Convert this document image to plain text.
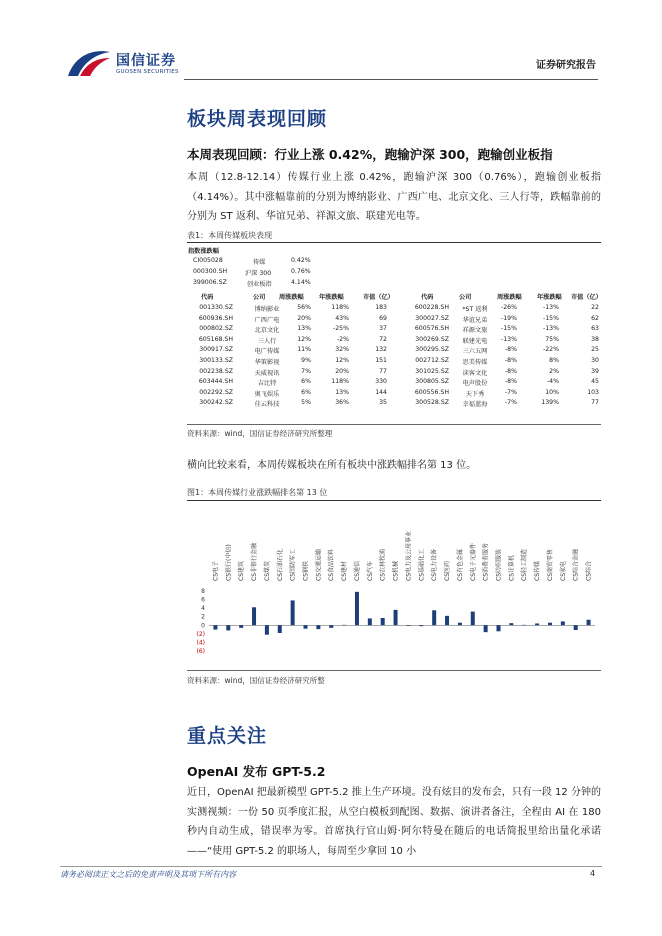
国信证券
GUOSEN SECURITIES
证券研究报告
板块周表现回顾
本周表现回顾：行业上涨 0.42%，跑输沪深 300，跑输创业板指
本周（12.8-12.14）传媒行业上涨 0.42%，跑输沪深 300（0.76%），跑输创业板指（4.14%）。其中涨幅靠前的分别为博纳影业、广西广电、北京文化、三人行等，跌幅靠前的分别为 ST 返利、华谊兄弟、祥源文旅、联建光电等。
表1：本周传媒板块表现
指数涨跌幅
CI005028	传媒	0.42%
000300.SH	沪深 300	0.76%
399006.SZ	创业板指	4.14%
代码	公司 周涨跌幅 年涨跌幅	市值（亿）	代码	公司	周涨跌幅 年涨跌幅 市值（亿）
001330.SZ	博纳影业	56%	118%	183	600228.SH	*ST 返利	-26%	-13%	22
600936.SH	广西广电	20%	43%	69	300027.SZ	华谊兄弟	-19%	-15%	62
000802.SZ	北京文化	13%	-25%	37	600576.SH	祥源文旅	-15%	-13%	63
605168.SH	三人行	12%	-2%	72	300269.SZ	联建光电	-13%	75%	38
300917.SZ	电广传媒	11%	32%	132	300295.SZ	三六五网	-8%	-22%	25
300133.SZ	华策影视	9%	12%	151	002712.SZ	思美传媒	-8%	8%	30
002238.SZ	天威视讯	7%	20%	77	301025.SZ	读客文化	-8%	2%	39
603444.SH	吉比特	6%	118%	330	300805.SZ	电声股份	-8%	-4%	45
002292.SZ	奥飞娱乐	6%	13%	144	600556.SH	天下秀	-7%	10%	103
300242.SZ	佳云科技	5%	36%	35	300528.SZ	幸福蓝海	-7%	139%	77
资料来源：wind，国信证券经济研究所整理
横向比较来看，本周传媒板块在所有板块中涨跌幅排名第 13 位。
图1：本周传媒行业涨跌幅排名第 13 位
8
6
4
2
0
(2)
(4)
(6)
CS电子 CS银行(中信) CS建筑 CS非银行金融 CS煤炭 CS石油石化 CS国防军工 CS钢铁 CS交通运输 CS食品饮料 CS建材 CS通信 CS汽车 CS农林牧渔 CS机械 CS电力及公用事业 CS基础化工 CS电力设备 CS医药 CS有色金属 CS电子元器件 CS消费者服务 CS纺织服装 CS计算机 CS轻工制造 CS传媒 CS商贸零售 CS家电 CS综合金融 CS综合
资料来源：wind，国信证券经济研究所整
重点关注
OpenAI 发布 GPT-5.2
近日，OpenAI 把最新模型 GPT-5.2 推上生产环境。没有炫目的发布会，只有一段 12 分钟的实测视频：一份 50 页季度汇报，从空白模板到配图、数据、演讲者备注，全程由 AI 在 180 秒内自动生成，错误率为零。首席执行官山姆·阿尔特曼在随后的电话简报里给出量化承诺——“使用 GPT-5.2 的职场人，每周至少拿回 10 小
请务必阅读正文之后的免责声明及其项下所有内容	4
